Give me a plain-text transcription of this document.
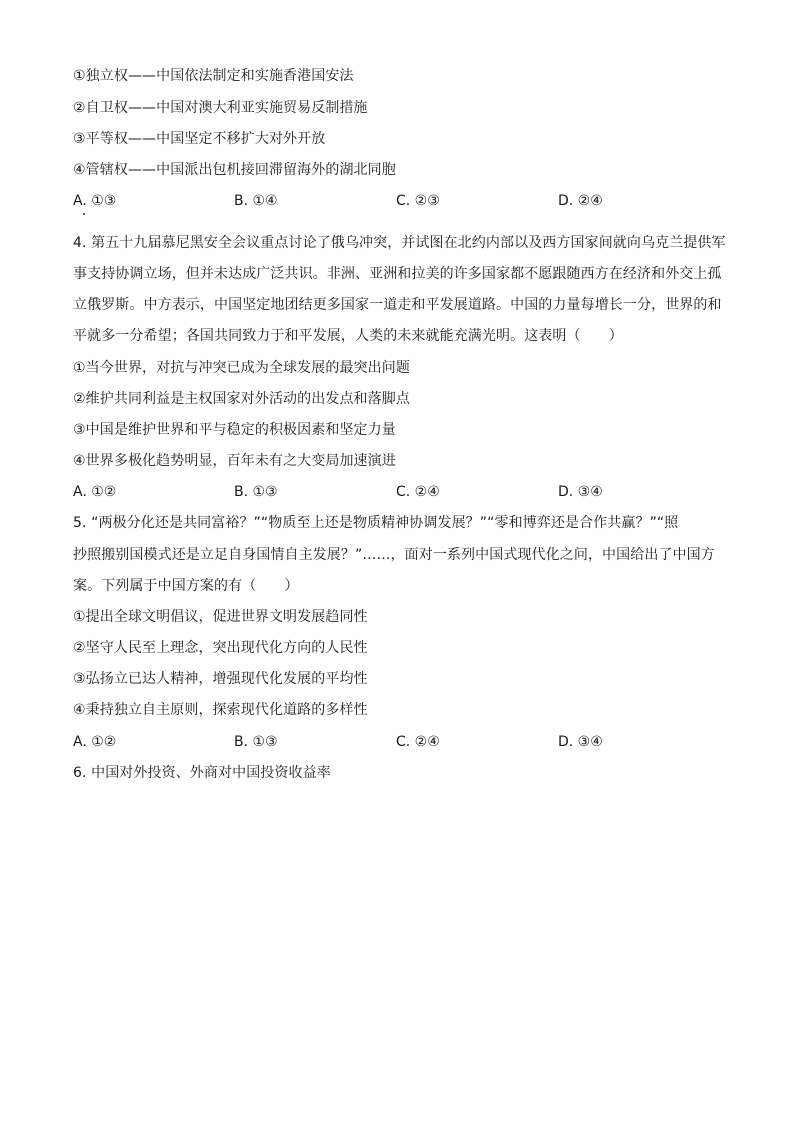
①独立权——中国依法制定和实施香港国安法
②自卫权——中国对澳大利亚实施贸易反制措施
③平等权——中国坚定不移扩大对外开放
④管辖权——中国派出包机接回滞留海外的湖北同胞
A. ①③	B. ①④	C. ②③	D. ②④
4. 第五十九届慕尼黑安全会议重点讨论了俄乌冲突，并试图在北约内部以及西方国家间就向乌克兰提供军
事支持协调立场，但并未达成广泛共识。非洲、亚洲和拉美的许多国家都不愿跟随西方在经济和外交上孤
立俄罗斯。中方表示，中国坚定地团结更多国家一道走和平发展道路。中国的力量每增长一分，世界的和
平就多一分希望；各国共同致力于和平发展，人类的未来就能充满光明。这表明（　　）
①当今世界，对抗与冲突已成为全球发展的最突出问题
②维护共同利益是主权国家对外活动的出发点和落脚点
③中国是维护世界和平与稳定的积极因素和坚定力量
④世界多极化趋势明显，百年未有之大变局加速演进
A. ①②	B. ①③	C. ②④	D. ③④
5. “两极分化还是共同富裕？”“物质至上还是物质精神协调发展？”“零和博弈还是合作共赢？”“照
抄照搬别国模式还是立足自身国情自主发展？”……，面对一系列中国式现代化之问，中国给出了中国方
案。下列属于中国方案的有（　　）
①提出全球文明倡议，促进世界文明发展趋同性
②坚守人民至上理念，突出现代化方向的人民性
③弘扬立已达人精神，增强现代化发展的平均性
④秉持独立自主原则，探索现代化道路的多样性
A. ①②	B. ①③	C. ②④	D. ③④
6. 中国对外投资、外商对中国投资收益率
